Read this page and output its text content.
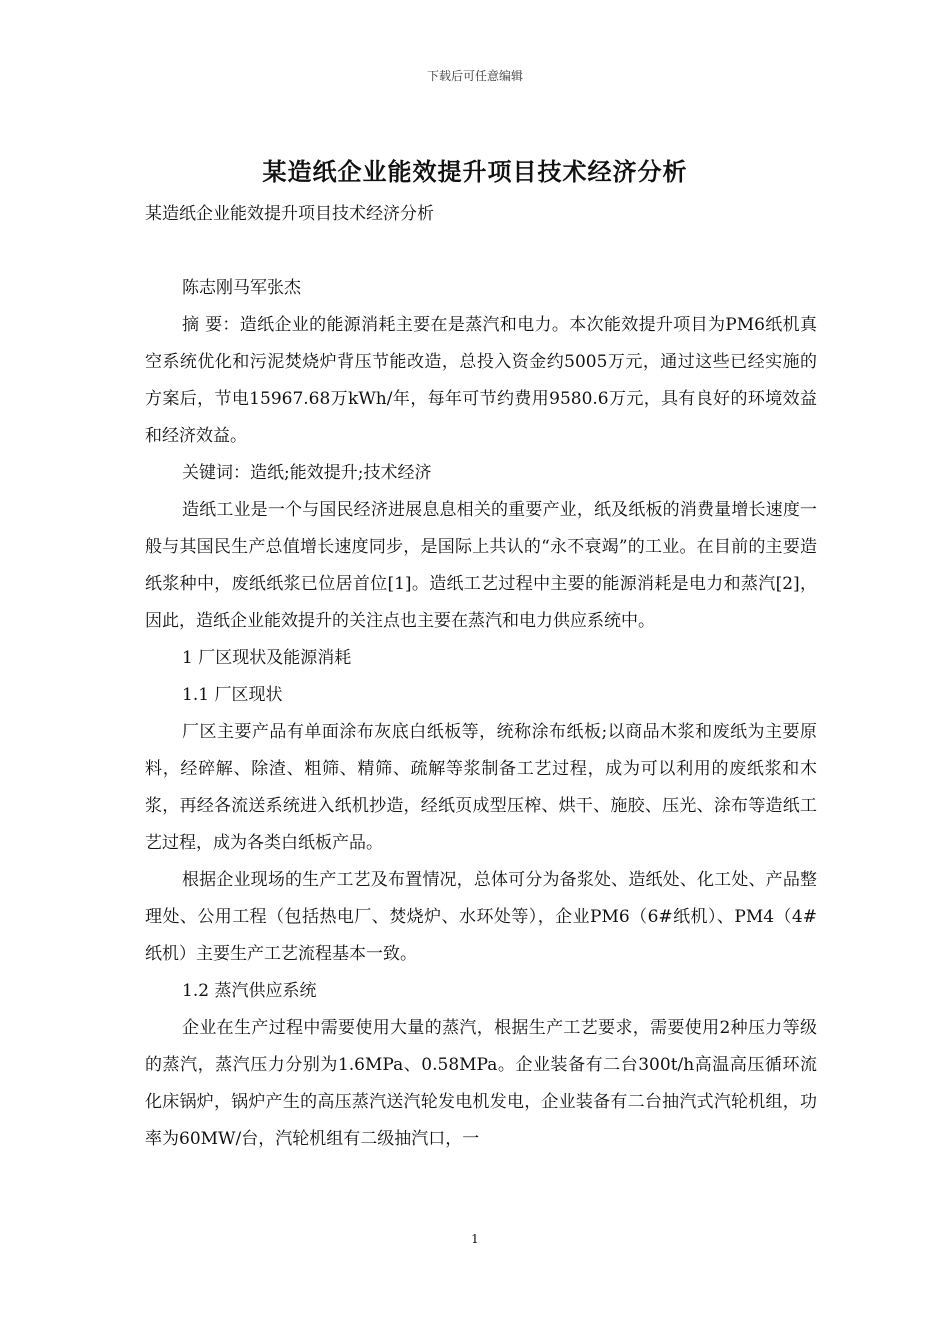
下载后可任意编辑
某造纸企业能效提升项目技术经济分析

某造纸企业能效提升项目技术经济分析

陈志刚马军张杰

摘 要：造纸企业的能源消耗主要在是蒸汽和电力。本次能效提升项目为PM6纸机真空系统优化和污泥焚烧炉背压节能改造，总投入资金约5005万元，通过这些已经实施的方案后，节电15967.68万kWh/年，每年可节约费用9580.6万元，具有良好的环境效益和经济效益。

关键词：造纸;能效提升;技术经济

造纸工业是一个与国民经济进展息息相关的重要产业，纸及纸板的消费量增长速度一般与其国民生产总值增长速度同步，是国际上共认的“永不衰竭”的工业。在目前的主要造纸浆种中，废纸纸浆已位居首位[1]。造纸工艺过程中主要的能源消耗是电力和蒸汽[2]，因此，造纸企业能效提升的关注点也主要在蒸汽和电力供应系统中。

1 厂区现状及能源消耗

1.1 厂区现状

厂区主要产品有单面涂布灰底白纸板等，统称涂布纸板;以商品木浆和废纸为主要原料，经碎解、除渣、粗筛、精筛、疏解等浆制备工艺过程，成为可以利用的废纸浆和木浆，再经各流送系统进入纸机抄造，经纸页成型压榨、烘干、施胶、压光、涂布等造纸工艺过程，成为各类白纸板产品。

根据企业现场的生产工艺及布置情况，总体可分为备浆处、造纸处、化工处、产品整理处、公用工程（包括热电厂、焚烧炉、水环处等），企业PM6（6#纸机）、PM4（4#纸机）主要生产工艺流程基本一致。

1.2 蒸汽供应系统

企业在生产过程中需要使用大量的蒸汽，根据生产工艺要求，需要使用2种压力等级的蒸汽，蒸汽压力分别为1.6MPa、0.58MPa。企业装备有二台300t/h高温高压循环流化床锅炉，锅炉产生的高压蒸汽送汽轮发电机发电，企业装备有二台抽汽式汽轮机组，功率为60MW/台，汽轮机组有二级抽汽口，一

1
